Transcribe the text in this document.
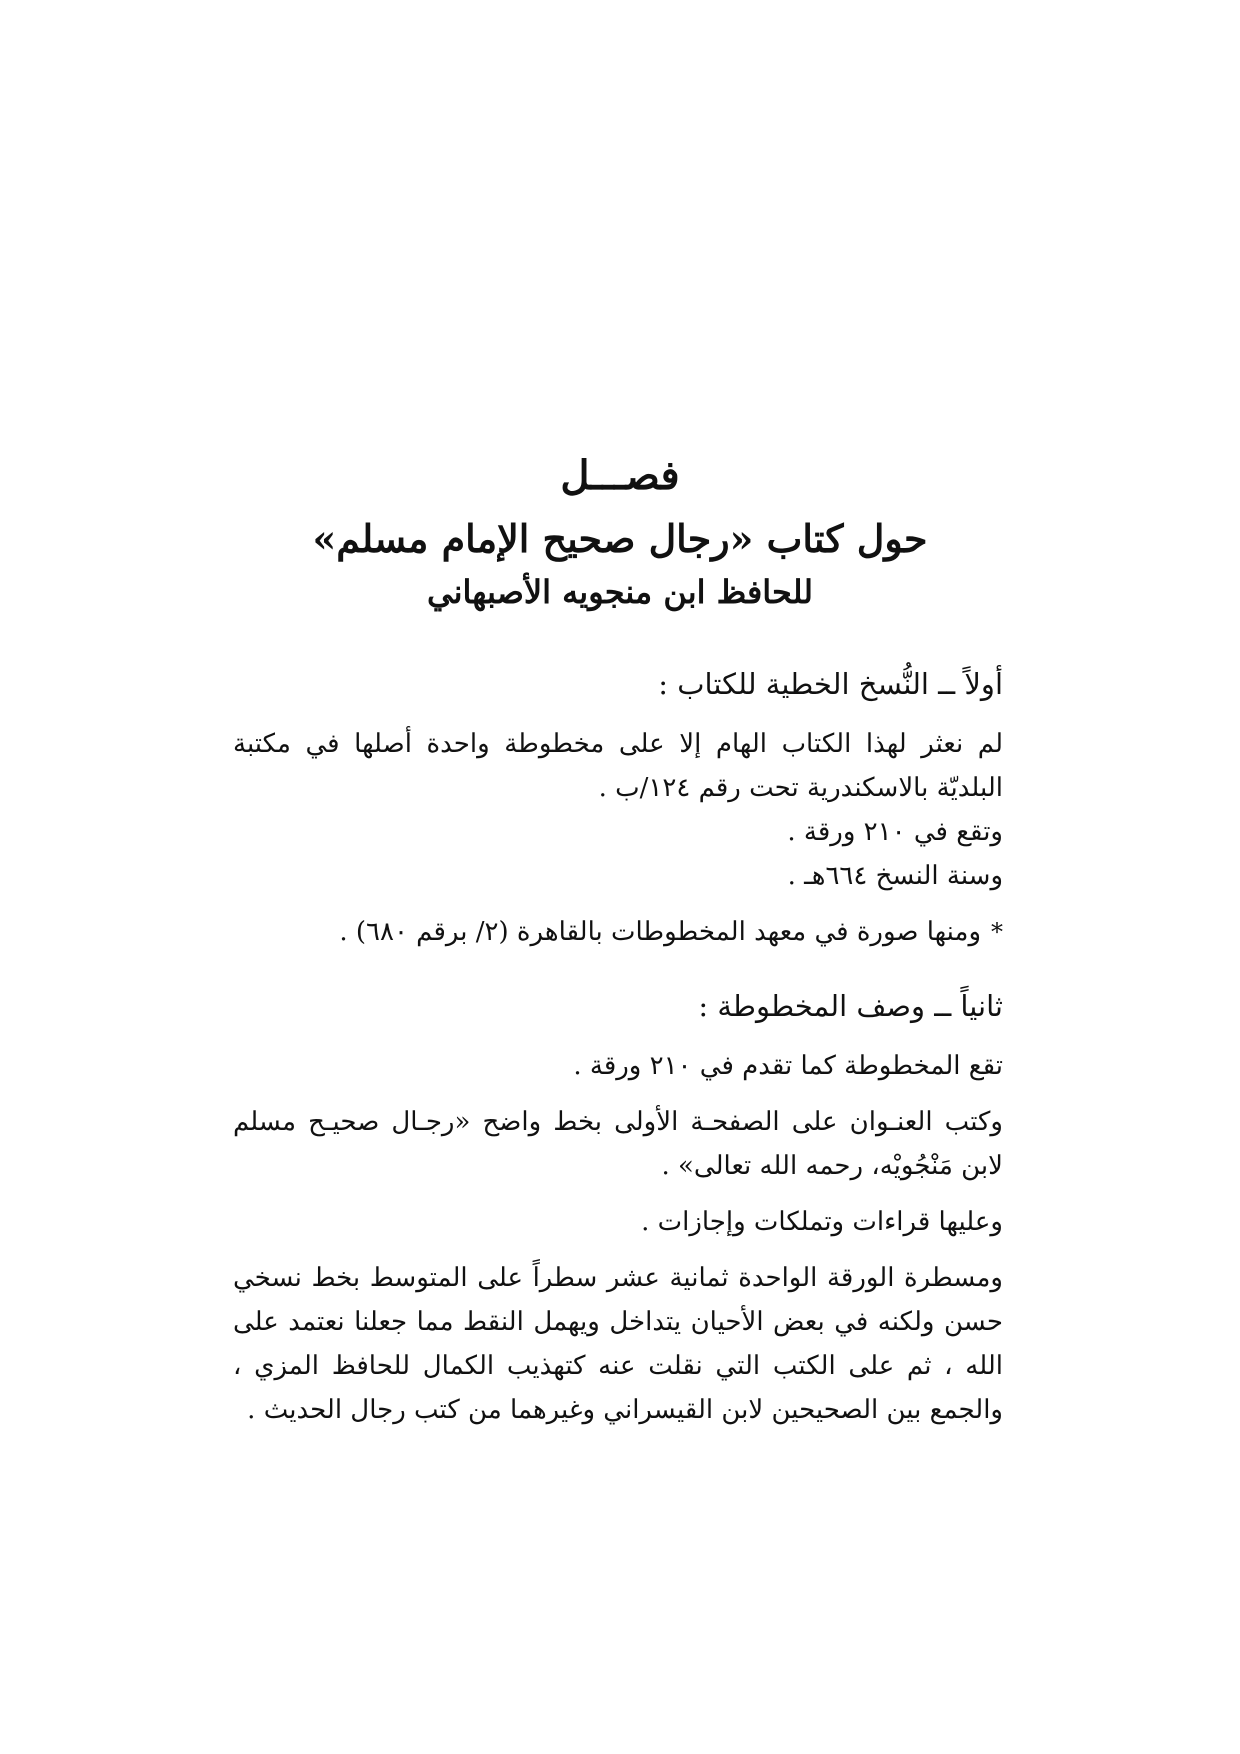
فصـــل

حول كتاب «رجال صحيح الإمام مسلم»

للحافظ ابن منجويه الأصبهاني

أولاً ــ النُّسخ الخطية للكتاب :

لم نعثر لهذا الكتاب الهام إلا على مخطوطة واحدة أصلها في مكتبة البلديّة بالاسكندرية تحت رقم ١٢٤/ب .

وتقع في ٢١٠ ورقة .

وسنة النسخ ٦٦٤هـ .

*ومنها صورة في معهد المخطوطات بالقاهرة (٢/ برقم ٦٨٠) .

ثانياً ــ وصف المخطوطة :

تقع المخطوطة كما تقدم في ٢١٠ ورقة .

وكتب العنـوان على الصفحـة الأولى بخط واضح «رجـال صحيـح مسلم لابن مَنْجُويْه، رحمه الله تعالى» .

وعليها قراءات وتملكات وإجازات .

ومسطرة الورقة الواحدة ثمانية عشر سطراً على المتوسط بخط نسخي حسن ولكنه في بعض الأحيان يتداخل ويهمل النقط مما جعلنا نعتمد على الله ، ثم على الكتب التي نقلت عنه كتهذيب الكمال للحافظ المزي ، والجمع بين الصحيحين لابن القيسراني وغيرهما من كتب رجال الحديث .
